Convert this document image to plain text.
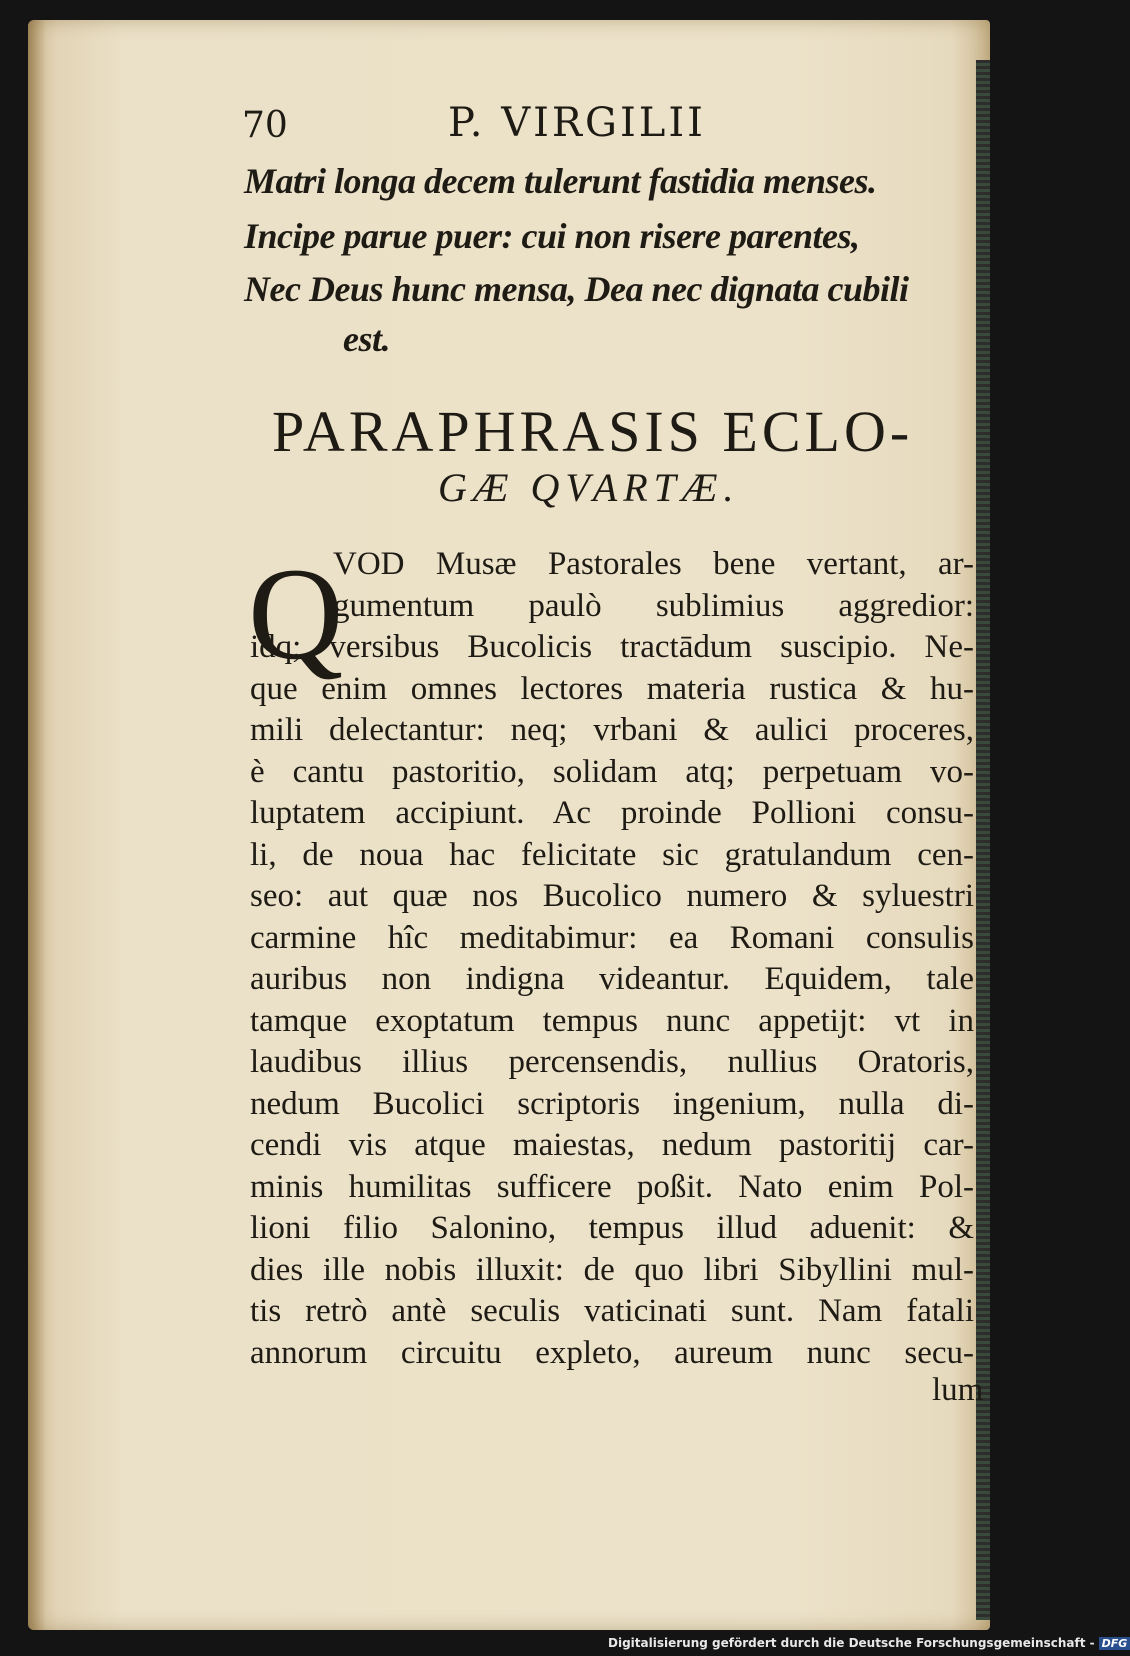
70	P. VIRGILII
Matri longa decem tulerunt fastidia menses.
Incipe parue puer: cui non risere parentes,
Nec Deus hunc mensa, Dea nec dignata cubili
est.
PARAPHRASIS ECLO-
GÆ QVARTÆ.
Q
VOD Musæ Pastorales bene vertant, ar-
gumentum paulò sublimius aggredior:
idq; versibus Bucolicis tractādum suscipio. Ne-
que enim omnes lectores materia rustica & hu-
mili delectantur: neq; vrbani & aulici proceres,
è cantu pastoritio, solidam atq; perpetuam vo-
luptatem accipiunt. Ac proinde Pollioni consu-
li, de noua hac felicitate sic gratulandum cen-
seo: aut quæ nos Bucolico numero & syluestri
carmine hîc meditabimur: ea Romani consulis
auribus non indigna videantur. Equidem, tale
tamque exoptatum tempus nunc appetijt: vt in
laudibus illius percensendis, nullius Oratoris,
nedum Bucolici scriptoris ingenium, nulla di-
cendi vis atque maiestas, nedum pastoritij car-
minis humilitas sufficere poßit. Nato enim Pol-
lioni filio Salonino, tempus illud aduenit: &
dies ille nobis illuxit: de quo libri Sibyllini mul-
tis retrò antè seculis vaticinati sunt. Nam fatali
annorum circuitu expleto, aureum nunc secu-
lum
Digitalisierung gefördert durch die Deutsche Forschungsgemeinschaft - DFG
